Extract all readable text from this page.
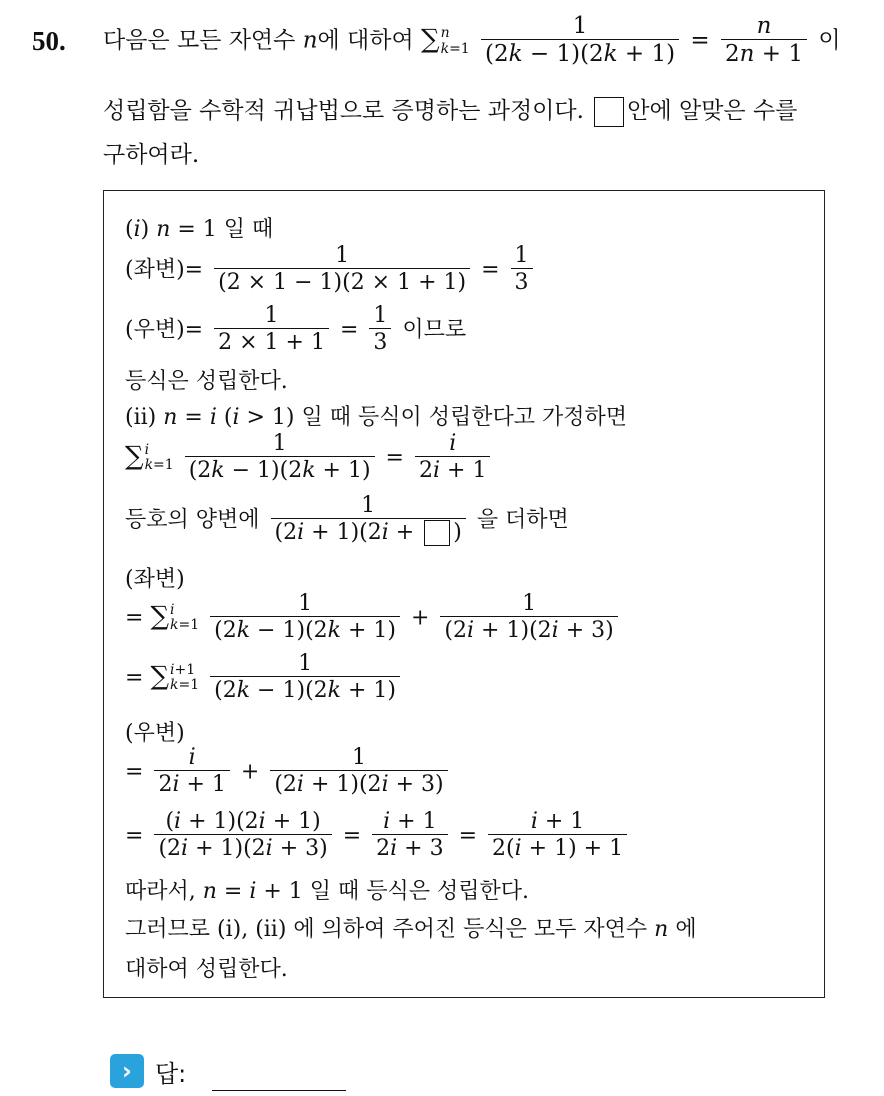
50. 다음은 모든 자연수 n에 대하여 ∑ n
k=1
$\frac{1}{(2k - 1)(2k + 1)} = \frac{n}{2n + 1}$ 이
성립함을 수학적 귀납법으로 증명하는 과정이다. 안에 알맞은 수를
구하여라.
(i) n = 1 일 때
(좌변)= $\frac{1}{(2 \times 1 - 1)(2 \times 1 + 1)} = \frac{1}{3}$
(우변)= $\frac{1}{2 \times 1 + 1} = \frac{1}{3}$ 이므로
등식은 성립한다.
(ii) n = i (i > 1) 일 때 등식이 성립한다고 가정하면
∑ i
k=1
$\frac{1}{(2k - 1)(2k + 1)} = \frac{i}{2i + 1}$
등호의 양변에 $\frac{1}{(2i + 1)(2i + )}$ 을 더하면
(좌변)
= ∑ i
k=1
$\frac{1}{(2k - 1)(2k + 1)} + \frac{1}{(2i + 1)(2i + 3)}$
= ∑ i+1
k=1
$\frac{1}{(2k - 1)(2k + 1)}$
(우변)
= $\frac{i}{2i + 1} + \frac{1}{(2i + 1)(2i + 3)}$
= $\frac{(i + 1)(2i + 1)}{(2i + 1)(2i + 3)} = \frac{i + 1}{2i + 3} = \frac{i + 1}{2(i + 1) + 1}$
따라서, n = i + 1 일 때 등식은 성립한다.
그러므로 (i), (ii) 에 의하여 주어진 등식은 모두 자연수 n 에
대하여 성립한다.
› 답:
